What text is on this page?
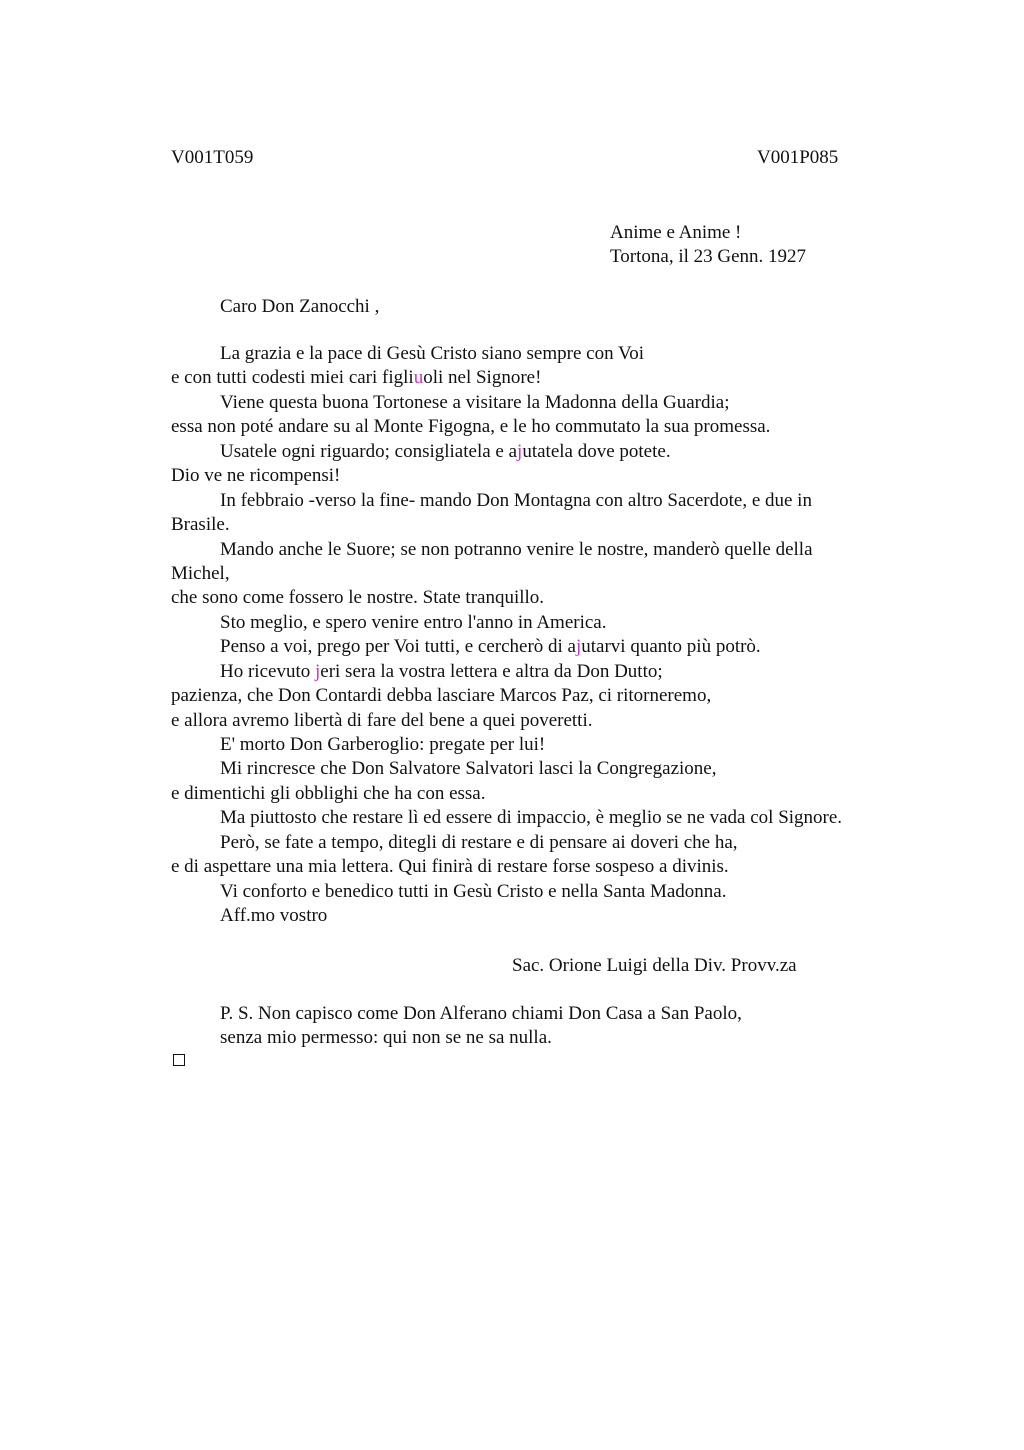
V001T059	V001P085
Anime e Anime !
Tortona, il 23 Genn. 1927
Caro Don Zanocchi ,
La grazia e la pace di Gesù Cristo siano sempre con Voi
e con tutti codesti miei cari figliuoli nel Signore!
Viene questa buona Tortonese a visitare la Madonna della Guardia;
essa non poté andare su al Monte Figogna, e le ho commutato la sua promessa.
Usatele ogni riguardo; consigliatela e ajutatela dove potete.
Dio ve ne ricompensi!
In febbraio -verso la fine- mando Don Montagna con altro Sacerdote, e due in
Brasile.
Mando anche le Suore; se non potranno venire le nostre, manderò quelle della
Michel,
che sono come fossero le nostre. State tranquillo.
Sto meglio, e spero venire entro l'anno in America.
Penso a voi, prego per Voi tutti, e cercherò di ajutarvi quanto più potrò.
Ho ricevuto jeri sera la vostra lettera e altra da Don Dutto;
pazienza, che Don Contardi debba lasciare Marcos Paz, ci ritorneremo,
e allora avremo libertà di fare del bene a quei poveretti.
E' morto Don Garberoglio: pregate per lui!
Mi rincresce che Don Salvatore Salvatori lasci la Congregazione,
e dimentichi gli obblighi che ha con essa.
Ma piuttosto che restare lì ed essere di impaccio, è meglio se ne vada col Signore.
Però, se fate a tempo, ditegli di restare e di pensare ai doveri che ha,
e di aspettare una mia lettera. Qui finirà di restare forse sospeso a divinis.
Vi conforto e benedico tutti in Gesù Cristo e nella Santa Madonna.
Aff.mo vostro
Sac. Orione Luigi della Div. Provv.za
P. S. Non capisco come Don Alferano chiami Don Casa a San Paolo,
senza mio permesso: qui non se ne sa nulla.
